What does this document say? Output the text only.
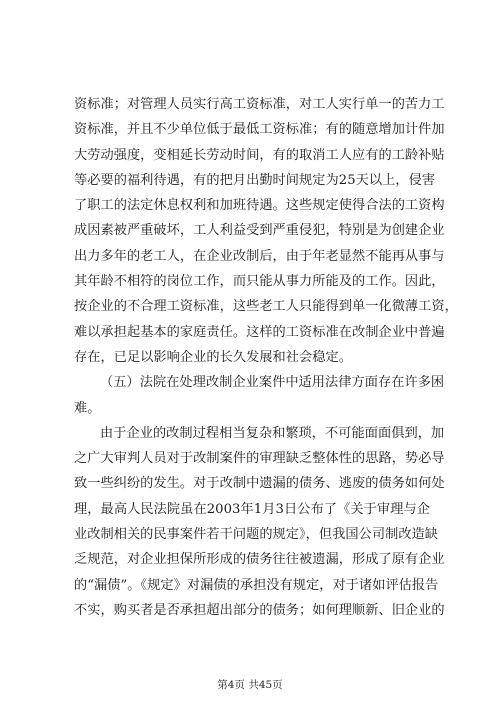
资标准；对管理人员实行高工资标准，对工人实行单一的苦力工
资标准，并且不少单位低于最低工资标准；有的随意增加计件加
大劳动强度，变相延长劳动时间，有的取消工人应有的工龄补贴
等必要的福利待遇，有的把月出勤时间规定为25天以上，侵害
了职工的法定休息权利和加班待遇。这些规定使得合法的工资构
成因素被严重破坏，工人利益受到严重侵犯，特别是为创建企业
出力多年的老工人，在企业改制后，由于年老显然不能再从事与
其年龄不相符的岗位工作，而只能从事力所能及的工作。因此，
按企业的不合理工资标准，这些老工人只能得到单一化微薄工资，
难以承担起基本的家庭责任。这样的工资标准在改制企业中普遍
存在，已足以影响企业的长久发展和社会稳定。
（五）法院在处理改制企业案件中适用法律方面存在许多困
难。
由于企业的改制过程相当复杂和繁琐，不可能面面俱到，加
之广大审判人员对于改制案件的审理缺乏整体性的思路，势必导
致一些纠纷的发生。对于改制中遗漏的债务、逃废的债务如何处
理，最高人民法院虽在2003年1月3日公布了《关于审理与企
业改制相关的民事案件若干问题的规定》，但我国公司制改造缺
乏规范，对企业担保所形成的债务往往被遗漏，形成了原有企业
的“漏债”。《规定》对漏债的承担没有规定，对于诸如评估报告
不实，购买者是否承担超出部分的债务；如何理顺新、旧企业的
第4页 共45页
